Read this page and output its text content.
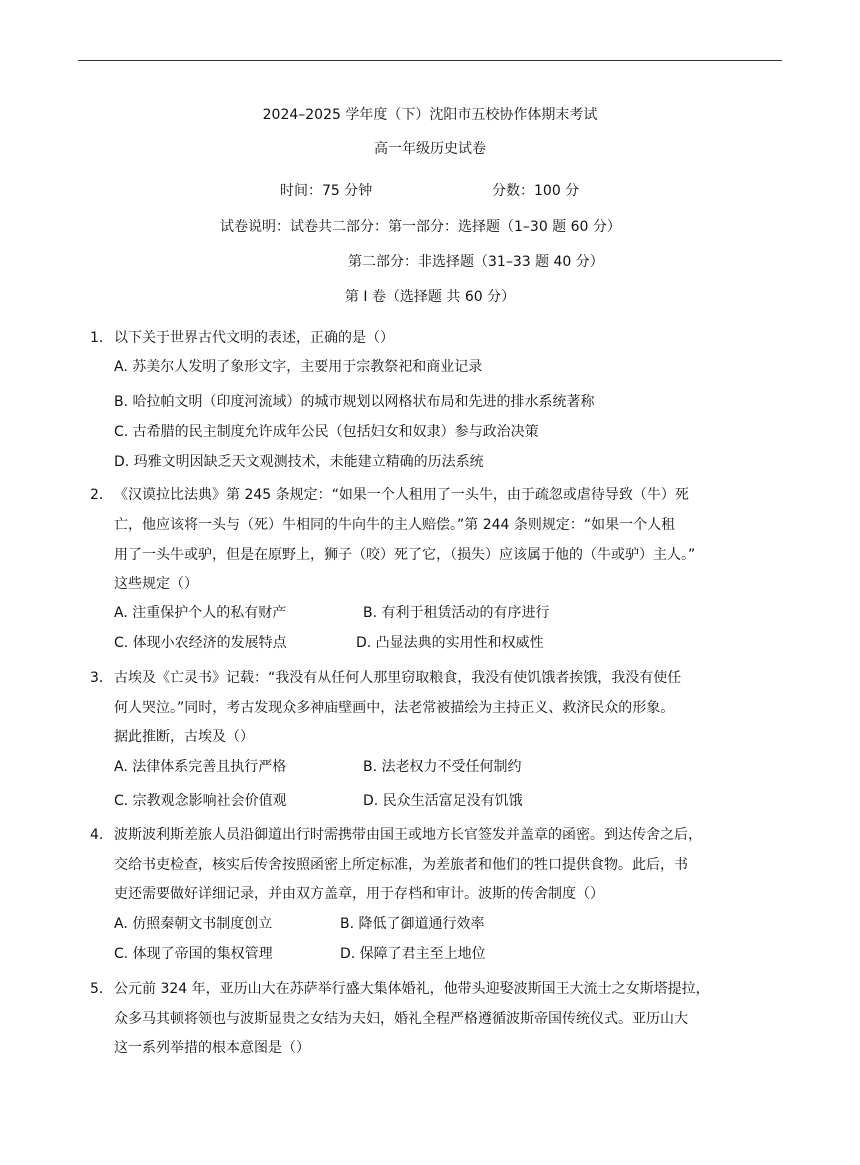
2024–2025 学年度（下）沈阳市五校协作体期末考试
高一年级历史试卷
时间：75 分钟	分数：100 分
试卷说明：试卷共二部分：第一部分：选择题（1–30 题 60 分）
第二部分：非选择题（31–33 题 40 分）
第 I 卷（选择题 共 60 分）
1． 以下关于世界古代文明的表述，正确的是（）
A. 苏美尔人发明了象形文字，主要用于宗教祭祀和商业记录
B. 哈拉帕文明（印度河流域）的城市规划以网格状布局和先进的排水系统著称
C. 古希腊的民主制度允许成年公民（包括妇女和奴隶）参与政治决策
D. 玛雅文明因缺乏天文观测技术，未能建立精确的历法系统
2． 《汉谟拉比法典》第 245 条规定：“如果一个人租用了一头牛，由于疏忽或虐待导致（牛）死
亡，他应该将一头与（死）牛相同的牛向牛的主人赔偿。”第 244 条则规定：“如果一个人租
用了一头牛或驴，但是在原野上，狮子（咬）死了它，（损失）应该属于他的（牛或驴）主人。”
这些规定（）
A. 注重保护个人的私有财产	B. 有利于租赁活动的有序进行
C. 体现小农经济的发展特点	D. 凸显法典的实用性和权威性
3． 古埃及《亡灵书》记载：“我没有从任何人那里窃取粮食，我没有使饥饿者挨饿，我没有使任
何人哭泣。”同时，考古发现众多神庙壁画中，法老常被描绘为主持正义、救济民众的形象。
据此推断，古埃及（）
A. 法律体系完善且执行严格	B. 法老权力不受任何制约
C. 宗教观念影响社会价值观	D. 民众生活富足没有饥饿
4． 波斯波利斯差旅人员沿御道出行时需携带由国王或地方长官签发并盖章的函密。到达传舍之后，
交给书吏检查，核实后传舍按照函密上所定标准，为差旅者和他们的牲口提供食物。此后，书
吏还需要做好详细记录，并由双方盖章，用于存档和审计。波斯的传舍制度（）
A. 仿照秦朝文书制度创立	B. 降低了御道通行效率
C. 体现了帝国的集权管理	D. 保障了君主至上地位
5． 公元前 324 年，亚历山大在苏萨举行盛大集体婚礼，他带头迎娶波斯国王大流士之女斯塔提拉，
众多马其顿将领也与波斯显贵之女结为夫妇，婚礼全程严格遵循波斯帝国传统仪式。亚历山大
这一系列举措的根本意图是（）
